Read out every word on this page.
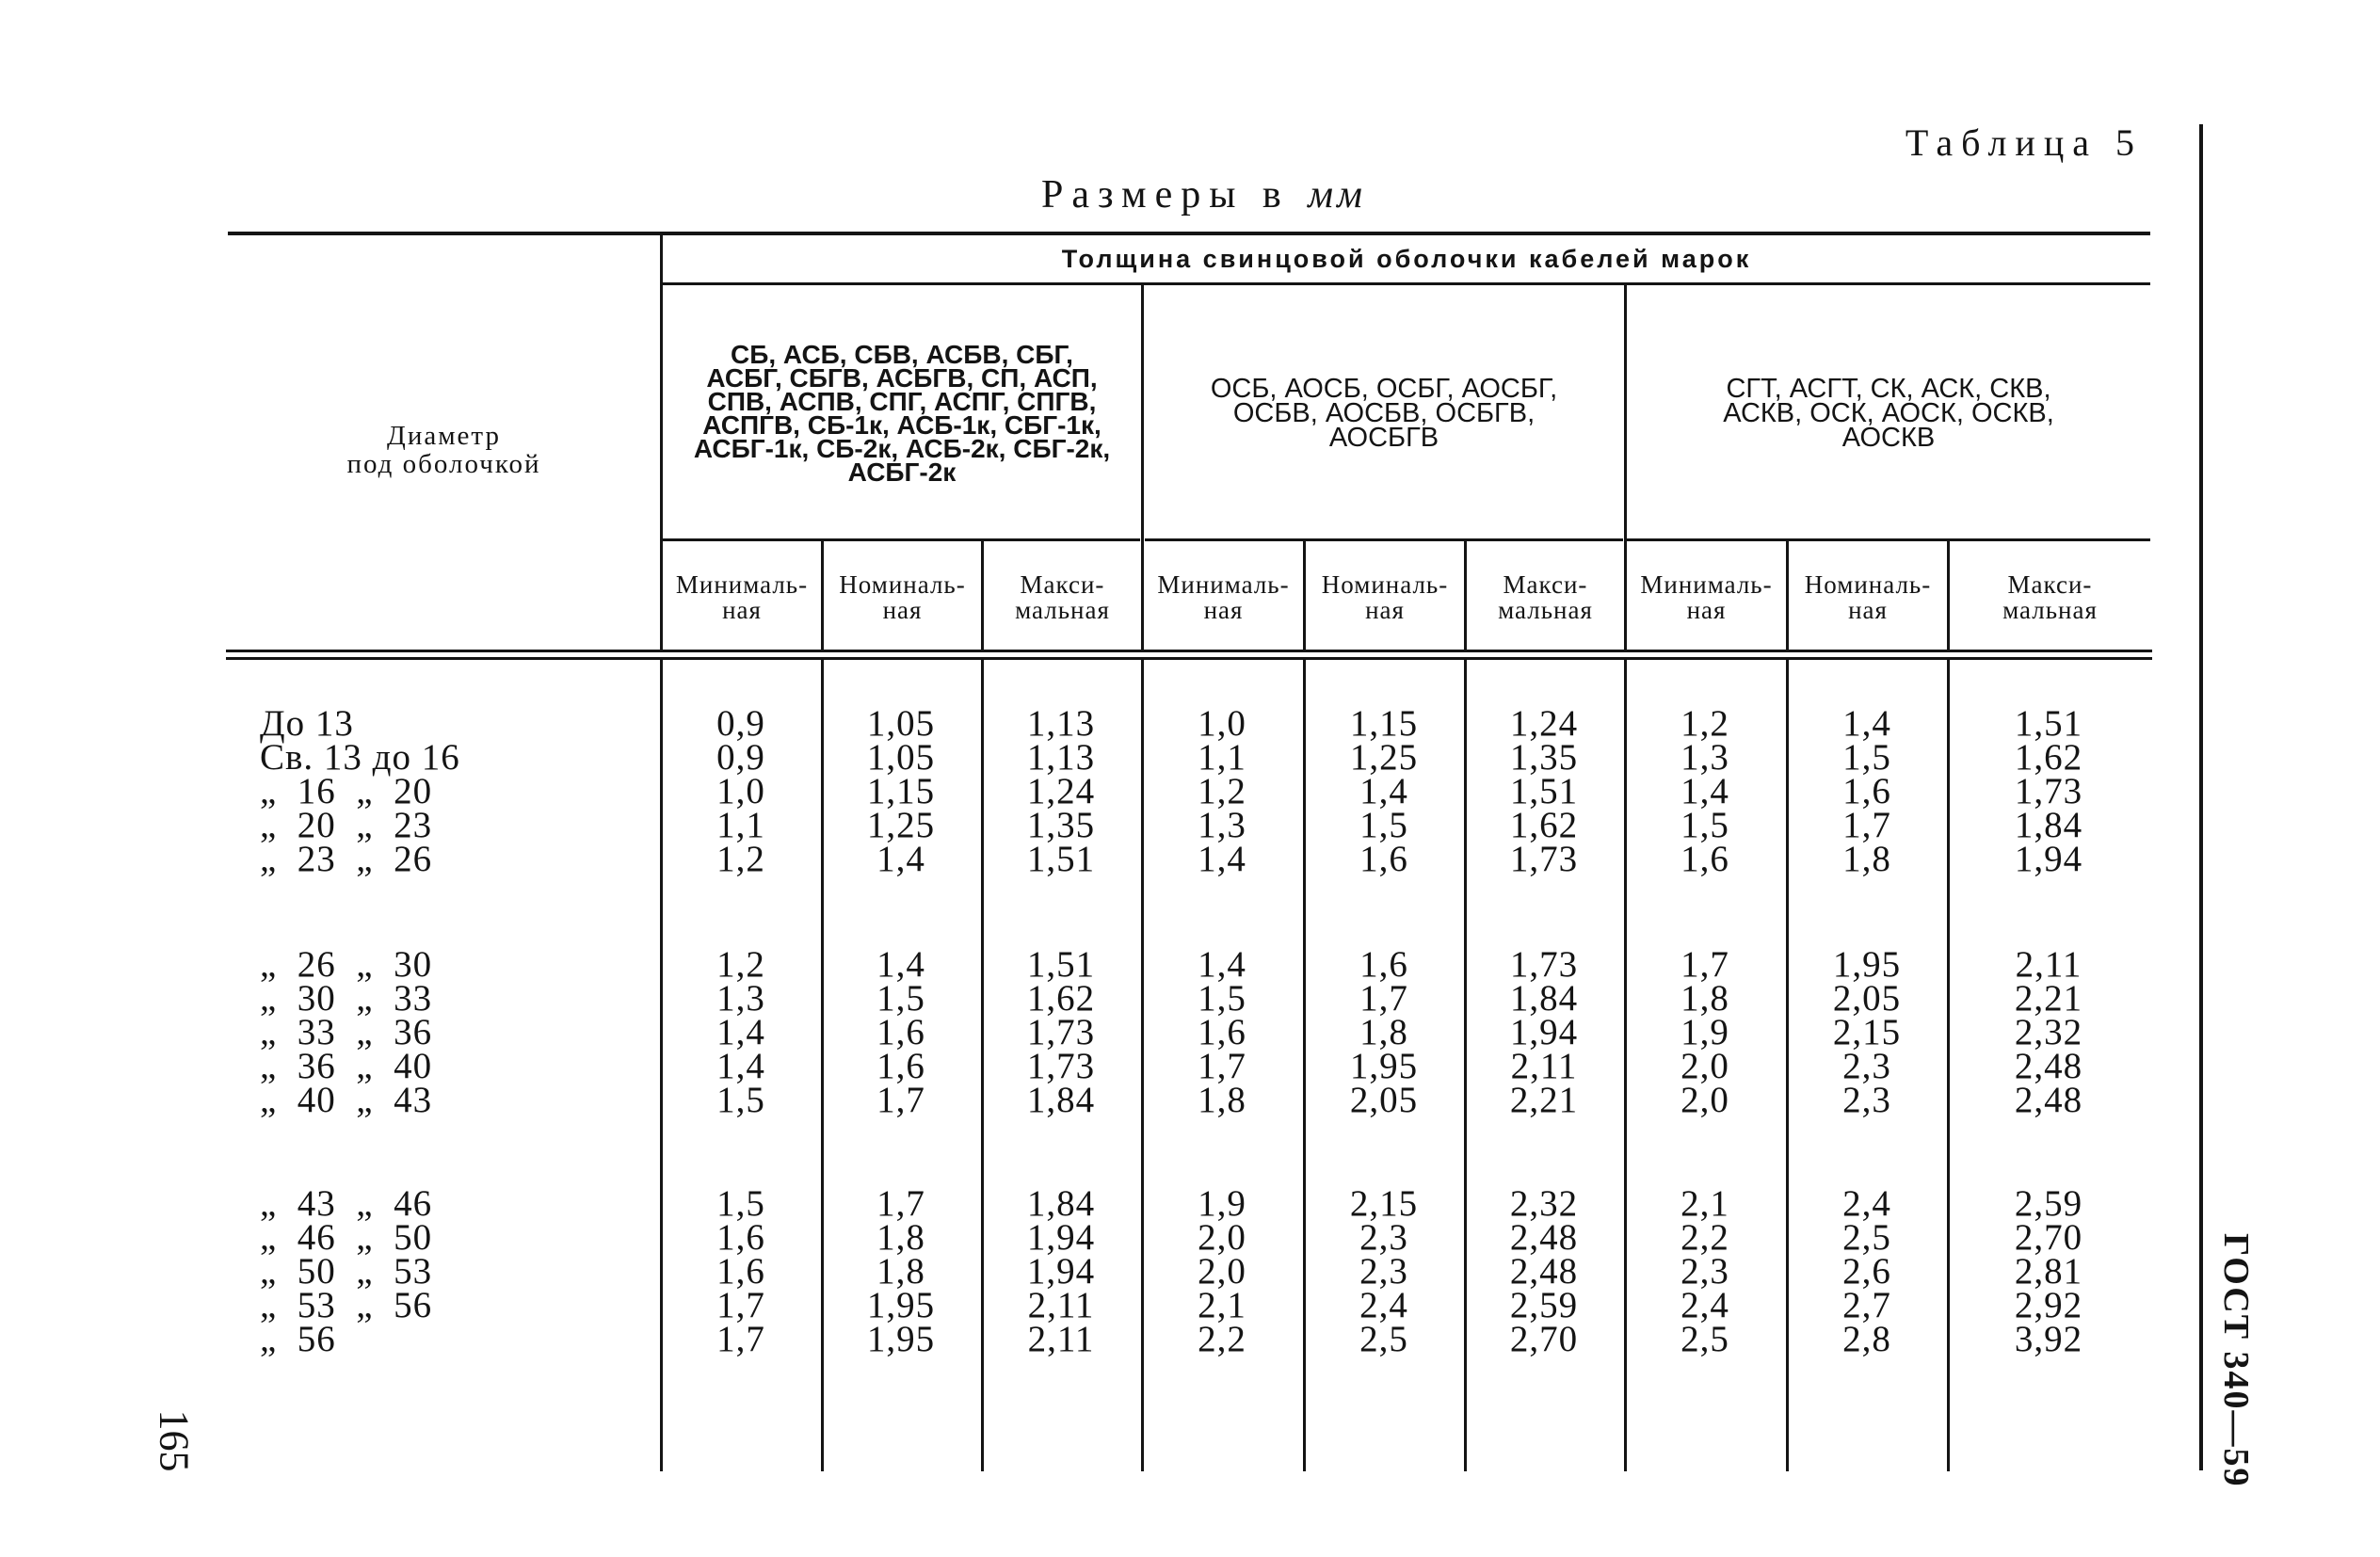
Таблица 5
Размеры в мм
Диаметр
под оболочкой
Толщина свинцовой оболочки кабелей марок
СБ, АСБ, СБВ, АСБВ, СБГ,
АСБГ, СБГВ, АСБГВ, СП, АСП,
СПВ, АСПВ, СПГ, АСПГ, СПГВ,
АСПГВ, СБ-1к, АСБ-1к, СБГ-1к,
АСБГ-1к, СБ-2к, АСБ-2к, СБГ-2к,
АСБГ-2к
ОСБ, АОСБ, ОСБГ, АОСБГ,
ОСБВ, АОСБВ, ОСБГВ,
АОСБГВ
СГТ, АСГТ, СК, АСК, СКВ,
АСКВ, ОСК, АОСК, ОСКВ,
АОСКВ
Минималь-
ная
Номиналь-
ная
Макси-
мальная
Минималь-
ная
Номиналь-
ная
Макси-
мальная
Минималь-
ная
Номиналь-
ная
Макси-
мальная
До 13	0,9	1,05	1,13	1,0	1,15	1,24	1,2	1,4	1,51
Св. 13 до 16	0,9	1,05	1,13	1,1	1,25	1,35	1,3	1,5	1,62
„  16  „  20	1,0	1,15	1,24	1,2	1,4	1,51	1,4	1,6	1,73
„  20  „  23	1,1	1,25	1,35	1,3	1,5	1,62	1,5	1,7	1,84
„  23  „  26	1,2	1,4	1,51	1,4	1,6	1,73	1,6	1,8	1,94
„  26  „  30	1,2	1,4	1,51	1,4	1,6	1,73	1,7	1,95	2,11
„  30  „  33	1,3	1,5	1,62	1,5	1,7	1,84	1,8	2,05	2,21
„  33  „  36	1,4	1,6	1,73	1,6	1,8	1,94	1,9	2,15	2,32
„  36  „  40	1,4	1,6	1,73	1,7	1,95	2,11	2,0	2,3	2,48
„  40  „  43	1,5	1,7	1,84	1,8	2,05	2,21	2,0	2,3	2,48
„  43  „  46	1,5	1,7	1,84	1,9	2,15	2,32	2,1	2,4	2,59
„  46  „  50	1,6	1,8	1,94	2,0	2,3	2,48	2,2	2,5	2,70
„  50  „  53	1,6	1,8	1,94	2,0	2,3	2,48	2,3	2,6	2,81
„  53  „  56	1,7	1,95	2,11	2,1	2,4	2,59	2,4	2,7	2,92
„  56	1,7	1,95	2,11	2,2	2,5	2,70	2,5	2,8	3,92	ГОСТ 340—59
165
